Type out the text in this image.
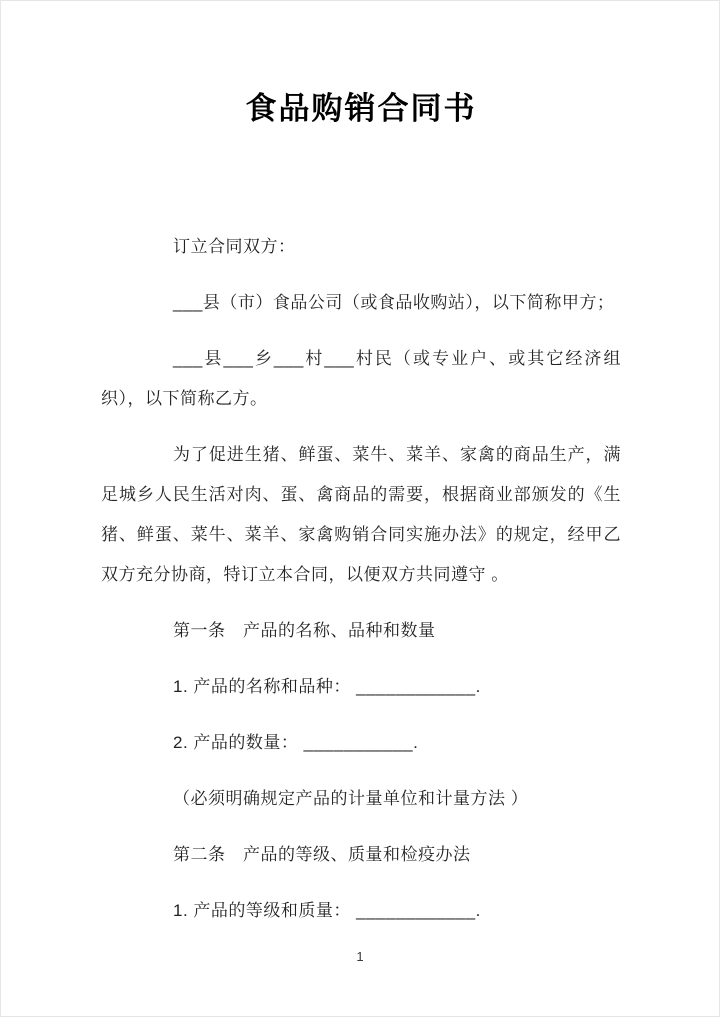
食品购销合同书

订立合同双方：

___县（市）食品公司（或食品收购站），以下简称甲方；

___县___乡___村___村民（或专业户、或其它经济组织），以下简称乙方。

为了促进生猪、鲜蛋、菜牛、菜羊、家禽的商品生产，满足城乡人民生活对肉、蛋、禽商品的需要，根据商业部颁发的《生猪、鲜蛋、菜牛、菜羊、家禽购销合同实施办法》的规定，经甲乙双方充分协商，特订立本合同，以便双方共同遵守 。

第一条　产品的名称、品种和数量

1. 产品的名称和品种： ____________.

2. 产品的数量： ___________.

（必须明确规定产品的计量单位和计量方法 ）

第二条　产品的等级、质量和检疫办法

1. 产品的等级和质量： ____________.

1
